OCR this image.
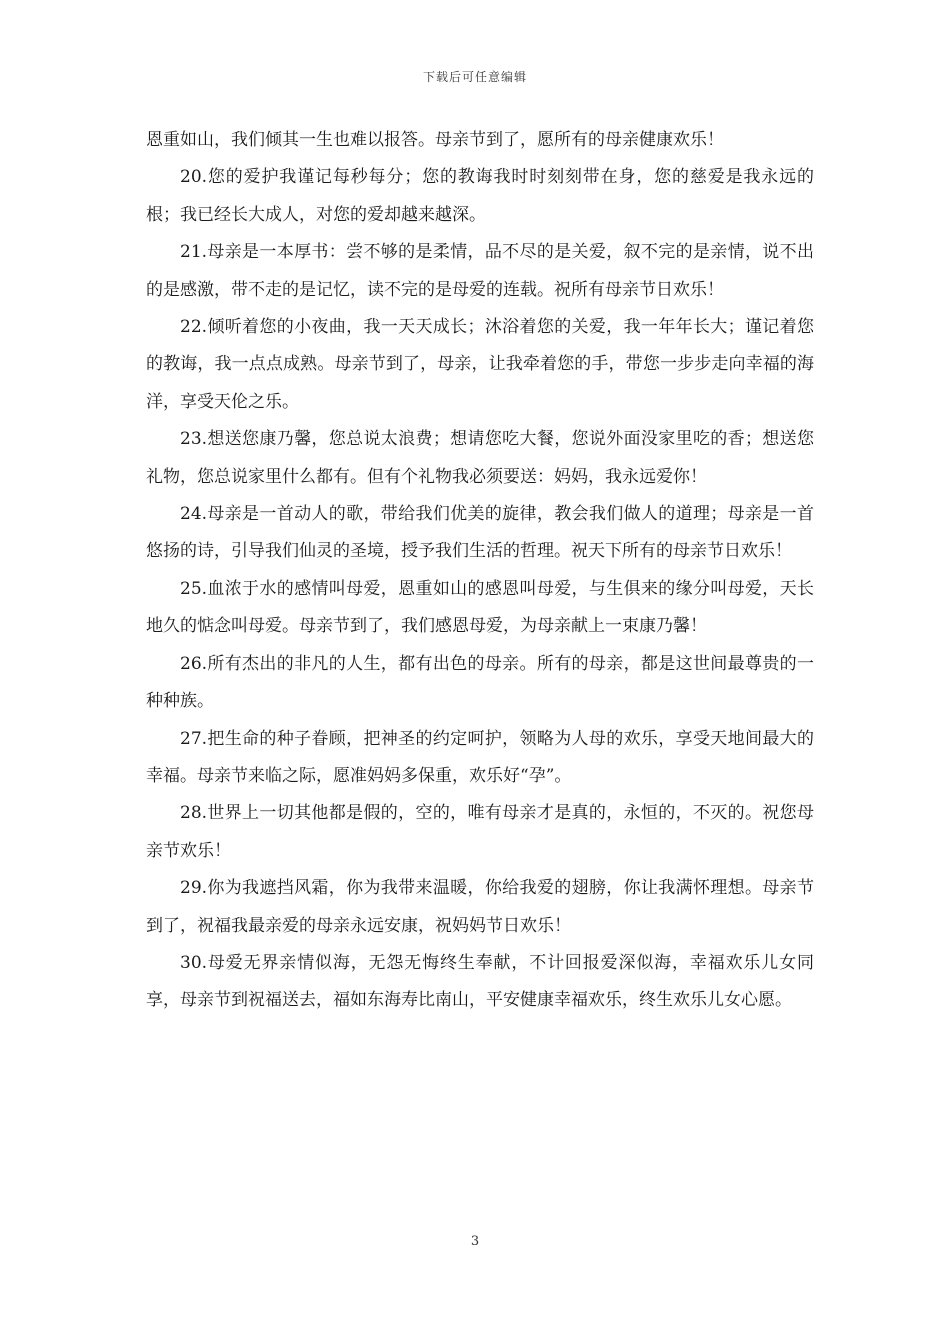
下载后可任意编辑

恩重如山，我们倾其一生也难以报答。母亲节到了，愿所有的母亲健康欢乐！

20.您的爱护我谨记每秒每分；您的教诲我时时刻刻带在身，您的慈爱是我永远的根；我已经长大成人，对您的爱却越来越深。

21.母亲是一本厚书：尝不够的是柔情，品不尽的是关爱，叙不完的是亲情，说不出的是感激，带不走的是记忆，读不完的是母爱的连载。祝所有母亲节日欢乐！

22.倾听着您的小夜曲，我一天天成长；沐浴着您的关爱，我一年年长大；谨记着您的教诲，我一点点成熟。母亲节到了，母亲，让我牵着您的手，带您一步步走向幸福的海洋，享受天伦之乐。

23.想送您康乃馨，您总说太浪费；想请您吃大餐，您说外面没家里吃的香；想送您礼物，您总说家里什么都有。但有个礼物我必须要送：妈妈，我永远爱你！

24.母亲是一首动人的歌，带给我们优美的旋律，教会我们做人的道理；母亲是一首悠扬的诗，引导我们仙灵的圣境，授予我们生活的哲理。祝天下所有的母亲节日欢乐！

25.血浓于水的感情叫母爱，恩重如山的感恩叫母爱，与生俱来的缘分叫母爱，天长地久的惦念叫母爱。母亲节到了，我们感恩母爱，为母亲献上一束康乃馨！

26.所有杰出的非凡的人生，都有出色的母亲。所有的母亲，都是这世间最尊贵的一种种族。

27.把生命的种子眷顾，把神圣的约定呵护，领略为人母的欢乐，享受天地间最大的幸福。母亲节来临之际，愿准妈妈多保重，欢乐好“孕”。

28.世界上一切其他都是假的，空的，唯有母亲才是真的，永恒的，不灭的。祝您母亲节欢乐！

29.你为我遮挡风霜，你为我带来温暖，你给我爱的翅膀，你让我满怀理想。母亲节到了，祝福我最亲爱的母亲永远安康，祝妈妈节日欢乐！

30.母爱无界亲情似海，无怨无悔终生奉献，不计回报爱深似海，幸福欢乐儿女同享，母亲节到祝福送去，福如东海寿比南山，平安健康幸福欢乐，终生欢乐儿女心愿。

3
